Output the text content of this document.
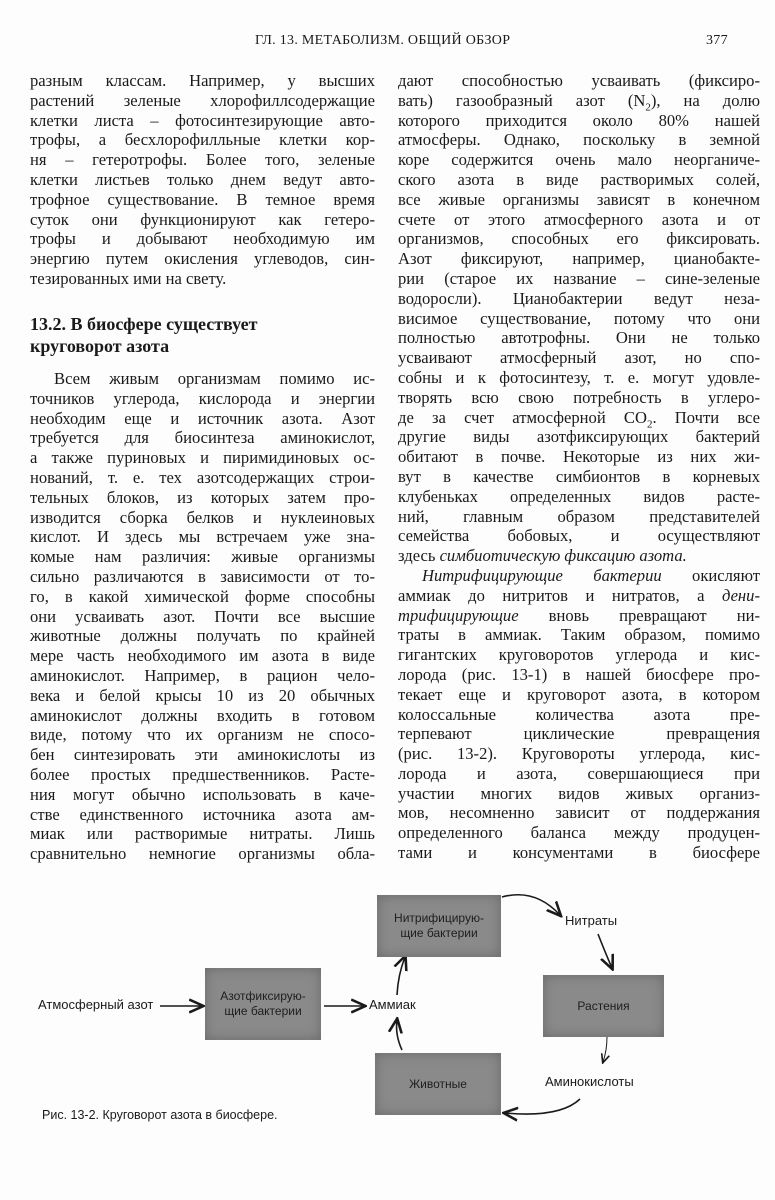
ГЛ. 13. МЕТАБОЛИЗМ. ОБЩИЙ ОБЗОР	377
разным классам. Например, у высших
растений зеленые хлорофиллсодержащие
клетки листа – фотосинтезирующие авто-
трофы, а бесхлорофилльные клетки кор-
ня – гетеротрофы. Более того, зеленые
клетки листьев только днем ведут авто-
трофное существование. В темное время
суток они функционируют как гетеро-
трофы и добывают необходимую им
энергию путем окисления углеводов, син-
тезированных ими на свету.
13.2. В биосфере существует
круговорот азота
Всем живым организмам помимо ис-
точников углерода, кислорода и энергии
необходим еще и источник азота. Азот
требуется для биосинтеза аминокислот,
а также пуриновых и пиримидиновых ос-
нований, т. е. тех азотсодержащих строи-
тельных блоков, из которых затем про-
изводится сборка белков и нуклеиновых
кислот. И здесь мы встречаем уже зна-
комые нам различия: живые организмы
сильно различаются в зависимости от то-
го, в какой химической форме способны
они усваивать азот. Почти все высшие
животные должны получать по крайней
мере часть необходимого им азота в виде
аминокислот. Например, в рацион чело-
века и белой крысы 10 из 20 обычных
аминокислот должны входить в готовом
виде, потому что их организм не спосо-
бен синтезировать эти аминокислоты из
более простых предшественников. Расте-
ния могут обычно использовать в каче-
стве единственного источника азота ам-
миак или растворимые нитраты. Лишь
сравнительно немногие организмы обла-
дают способностью усваивать (фиксиро-
вать) газообразный азот $(N_2)$, на долю
которого приходится около 80% нашей
атмосферы. Однако, поскольку в земной
коре содержится очень мало неорганиче-
ского азота в виде растворимых солей,
все живые организмы зависят в конечном
счете от этого атмосферного азота и от
организмов, способных его фиксировать.
Азот фиксируют, например, цианобакте-
рии (старое их название – сине-зеленые
водоросли). Цианобактерии ведут неза-
висимое существование, потому что они
полностью автотрофны. Они не только
усваивают атмосферный азот, но спо-
собны и к фотосинтезу, т. е. могут удовле-
творять всю свою потребность в углеро-
де за счет атмосферной $CO_2$. Почти все
другие виды азотфиксирующих бактерий
обитают в почве. Некоторые из них жи-
вут в качестве симбионтов в корневых
клубеньках определенных видов расте-
ний, главным образом представителей
семейства бобовых, и осуществляют
здесь симбиотическую фиксацию азота.
Нитрифицирующие бактерии окисляют
аммиак до нитритов и нитратов, а дени-
трифицирующие вновь превращают ни-
траты в аммиак. Таким образом, помимо
гигантских круговоротов углерода и кис-
лорода (рис. 13-1) в нашей биосфере про-
текает еще и круговорот азота, в котором
колоссальные количества азота пре-
терпевают циклические превращения
(рис. 13-2). Круговороты углерода, кис-
лорода и азота, совершающиеся при
участии многих видов живых организ-
мов, несомненно зависит от поддержания
определенного баланса между продуцен-
тами и консументами в биосфере
Нитрифицирую-
щие бактерии
Азотфиксирую-
щие бактерии	Растения
Животные
Атмосферный азот	Аммиак
Нитраты
Аминокислоты
Рис. 13-2. Круговорот азота в биосфере.
